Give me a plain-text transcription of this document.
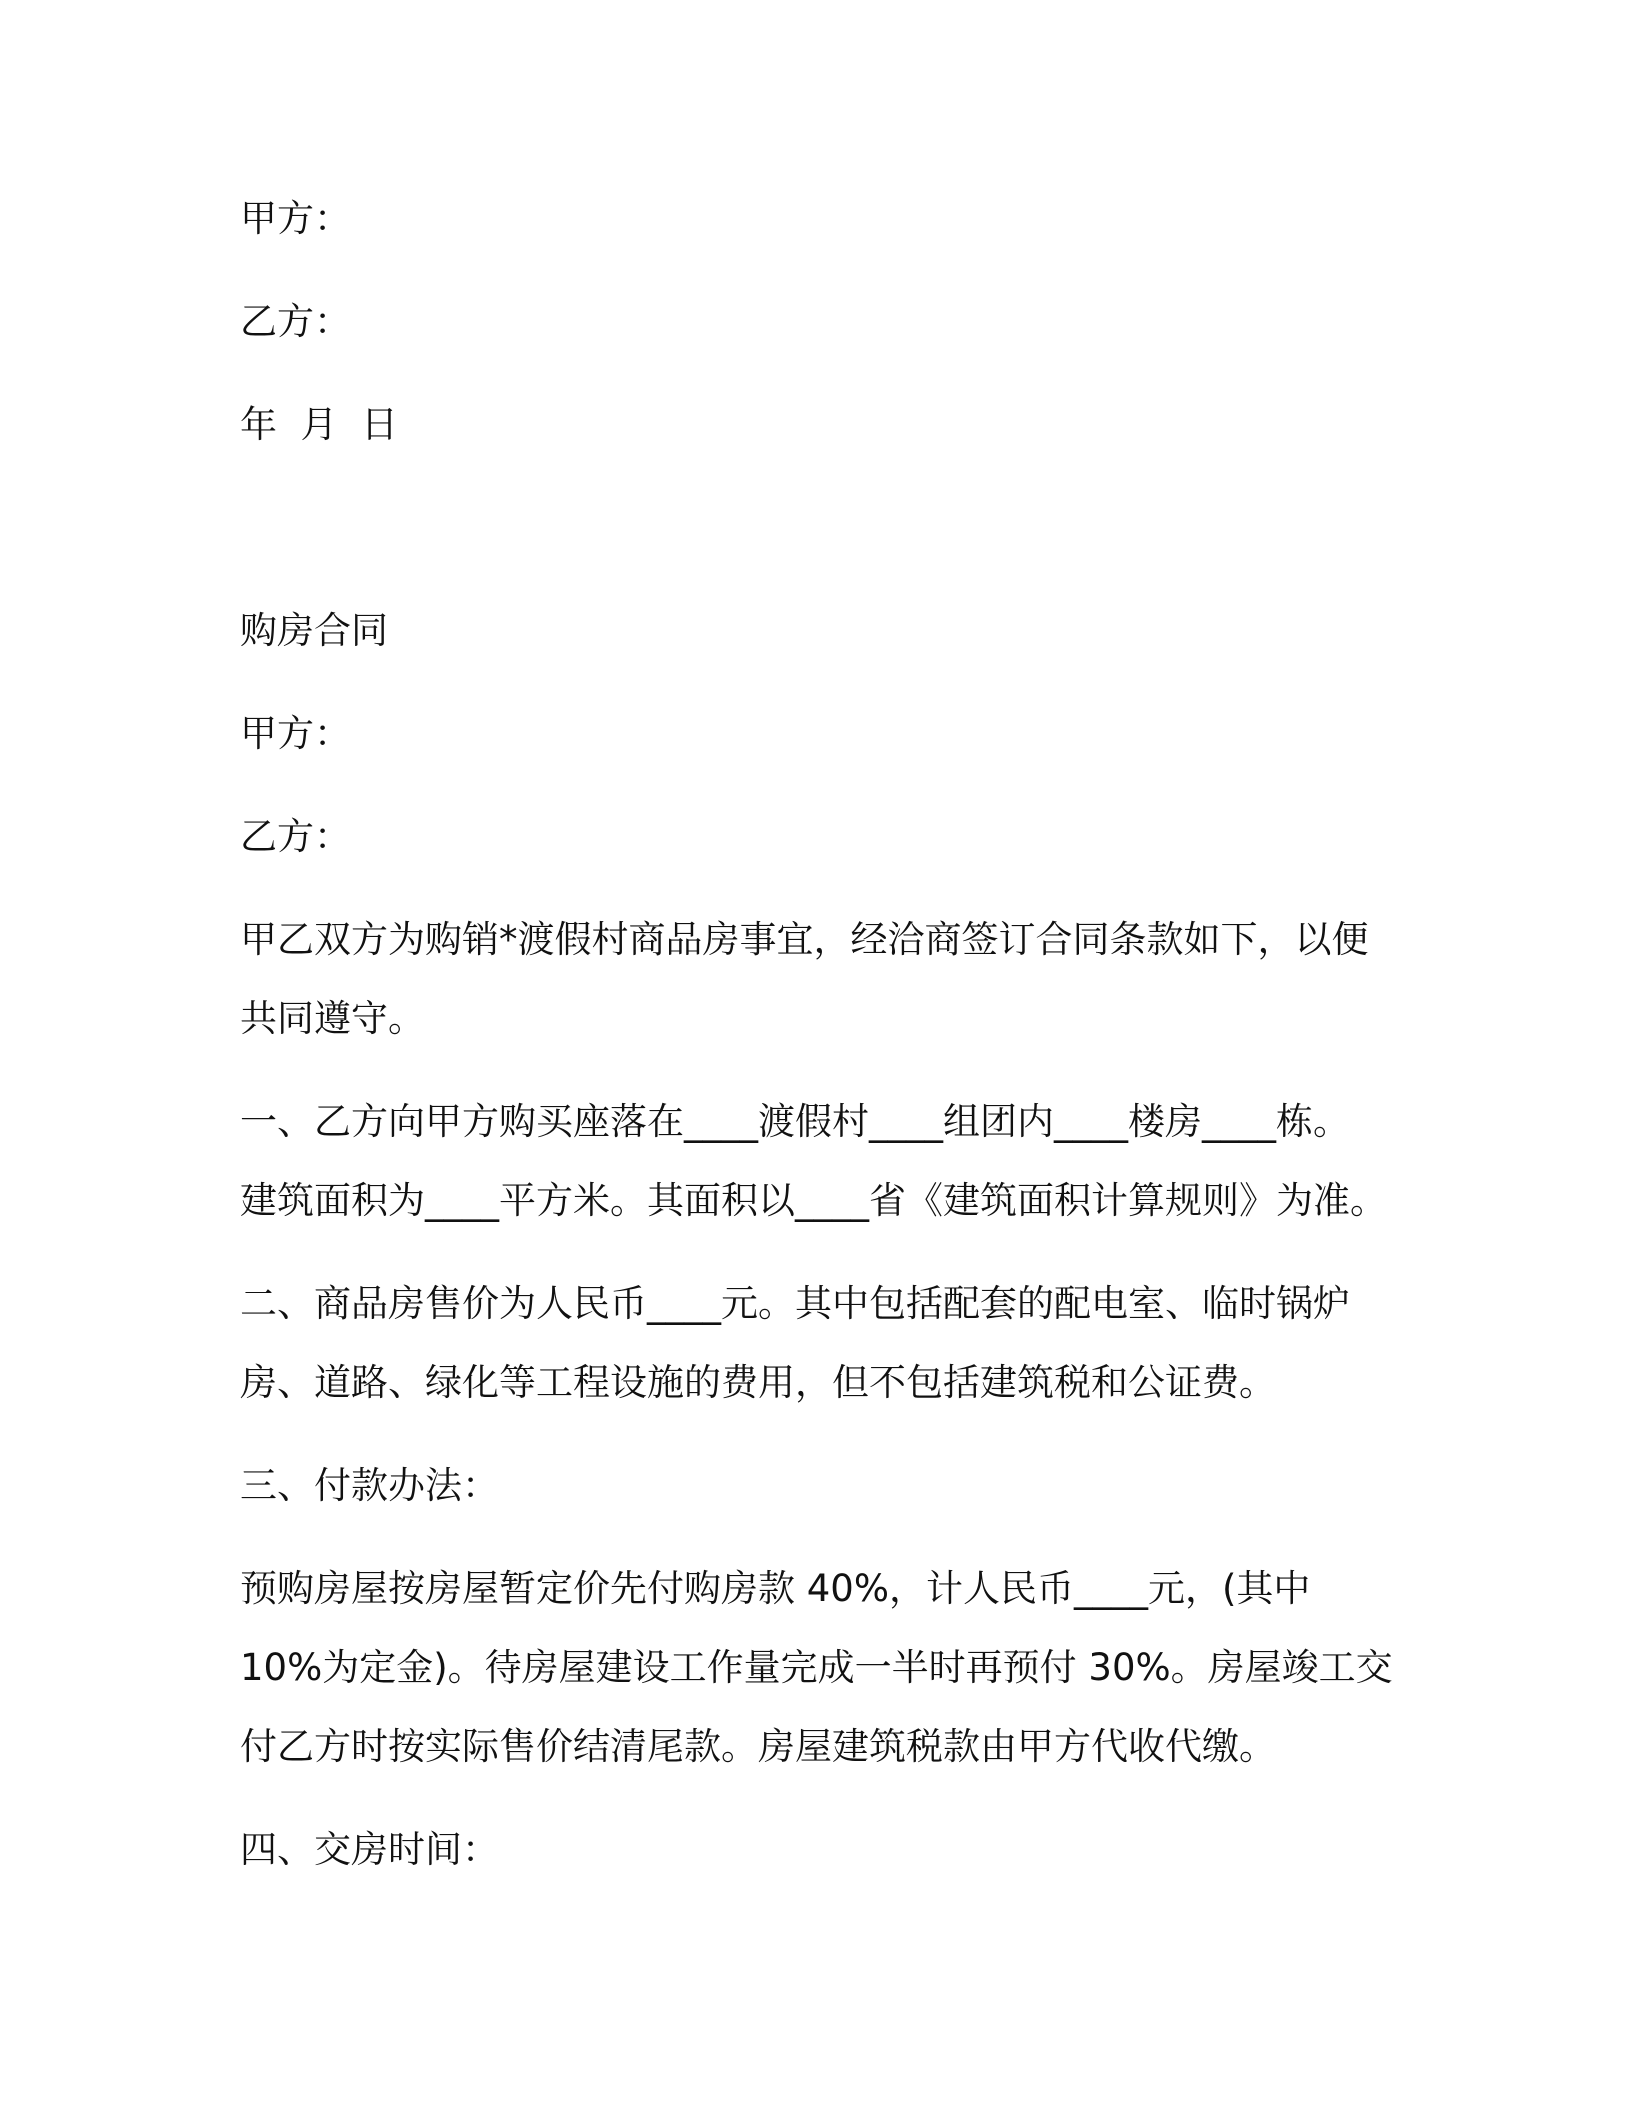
甲方：
乙方：
年  月  日
购房合同
甲方：
乙方：
甲乙双方为购销*渡假村商品房事宜，经洽商签订合同条款如下，以便
共同遵守。
一、乙方向甲方购买座落在____渡假村____组团内____楼房____栋。
建筑面积为____平方米。其面积以____省《建筑面积计算规则》为准。
二、商品房售价为人民币____元。其中包括配套的配电室、临时锅炉
房、道路、绿化等工程设施的费用，但不包括建筑税和公证费。
三、付款办法：
预购房屋按房屋暂定价先付购房款 40%，计人民币____元，(其中
10%为定金)。待房屋建设工作量完成一半时再预付 30%。房屋竣工交
付乙方时按实际售价结清尾款。房屋建筑税款由甲方代收代缴。
四、交房时间：
